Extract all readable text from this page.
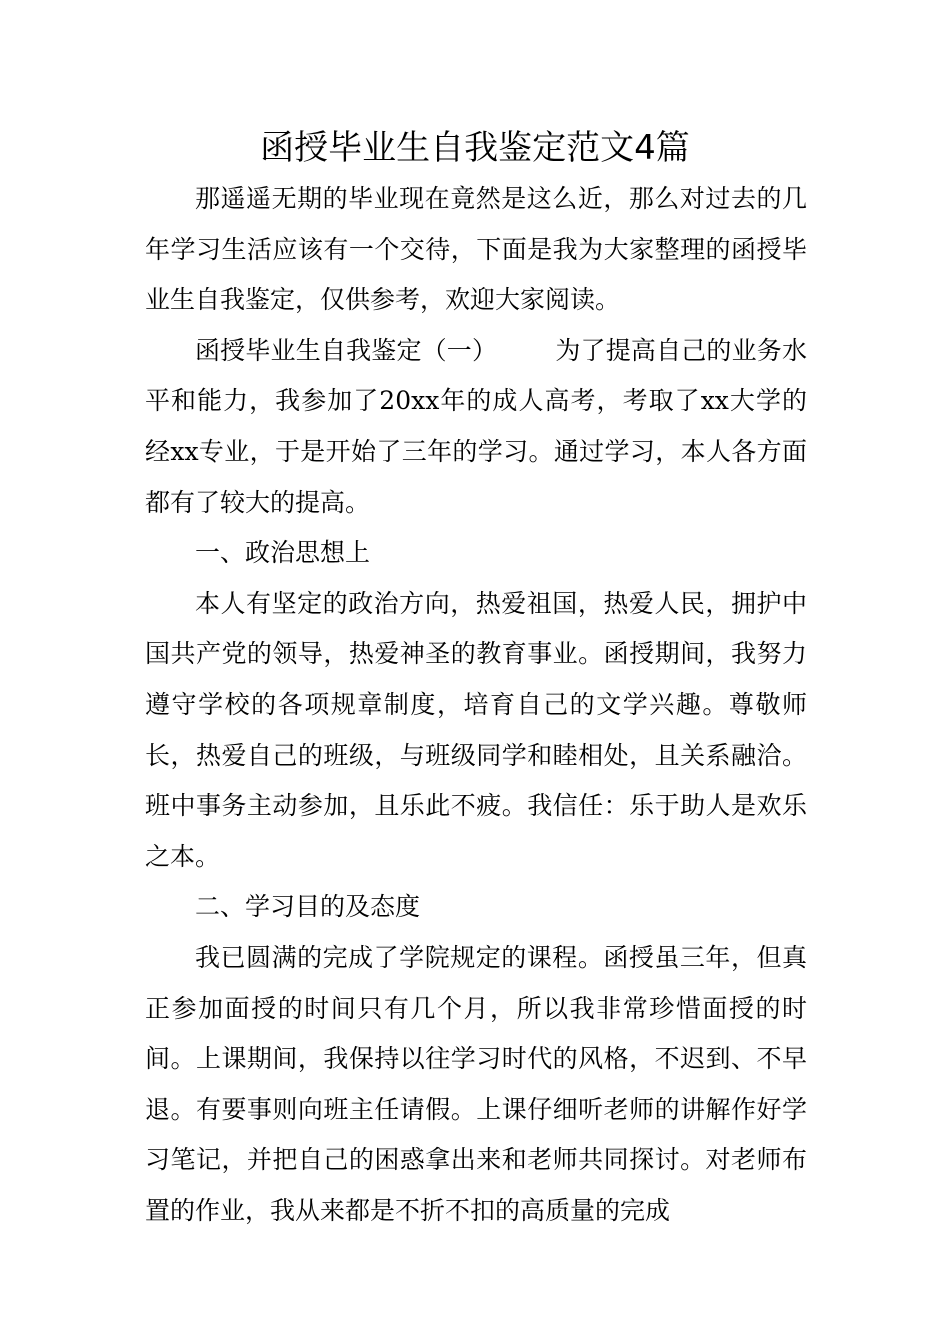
函授毕业生自我鉴定范文4篇

那遥遥无期的毕业现在竟然是这么近，那么对过去的几年学习生活应该有一个交待，下面是我为大家整理的函授毕业生自我鉴定，仅供参考，欢迎大家阅读。

函授毕业生自我鉴定（一） 为了提高自己的业务水平和能力，我参加了20xx年的成人高考，考取了xx大学的经xx专业，于是开始了三年的学习。通过学习，本人各方面都有了较大的提高。

一、政治思想上

本人有坚定的政治方向，热爱祖国，热爱人民，拥护中国共产党的领导，热爱神圣的教育事业。函授期间，我努力遵守学校的各项规章制度，培育自己的文学兴趣。尊敬师长，热爱自己的班级，与班级同学和睦相处，且关系融洽。班中事务主动参加，且乐此不疲。我信任：乐于助人是欢乐之本。

二、学习目的及态度

我已圆满的完成了学院规定的课程。函授虽三年，但真正参加面授的时间只有几个月，所以我非常珍惜面授的时间。上课期间，我保持以往学习时代的风格，不迟到、不早退。有要事则向班主任请假。上课仔细听老师的讲解作好学习笔记，并把自己的困惑拿出来和老师共同探讨。对老师布置的作业，我从来都是不折不扣的高质量的完成
